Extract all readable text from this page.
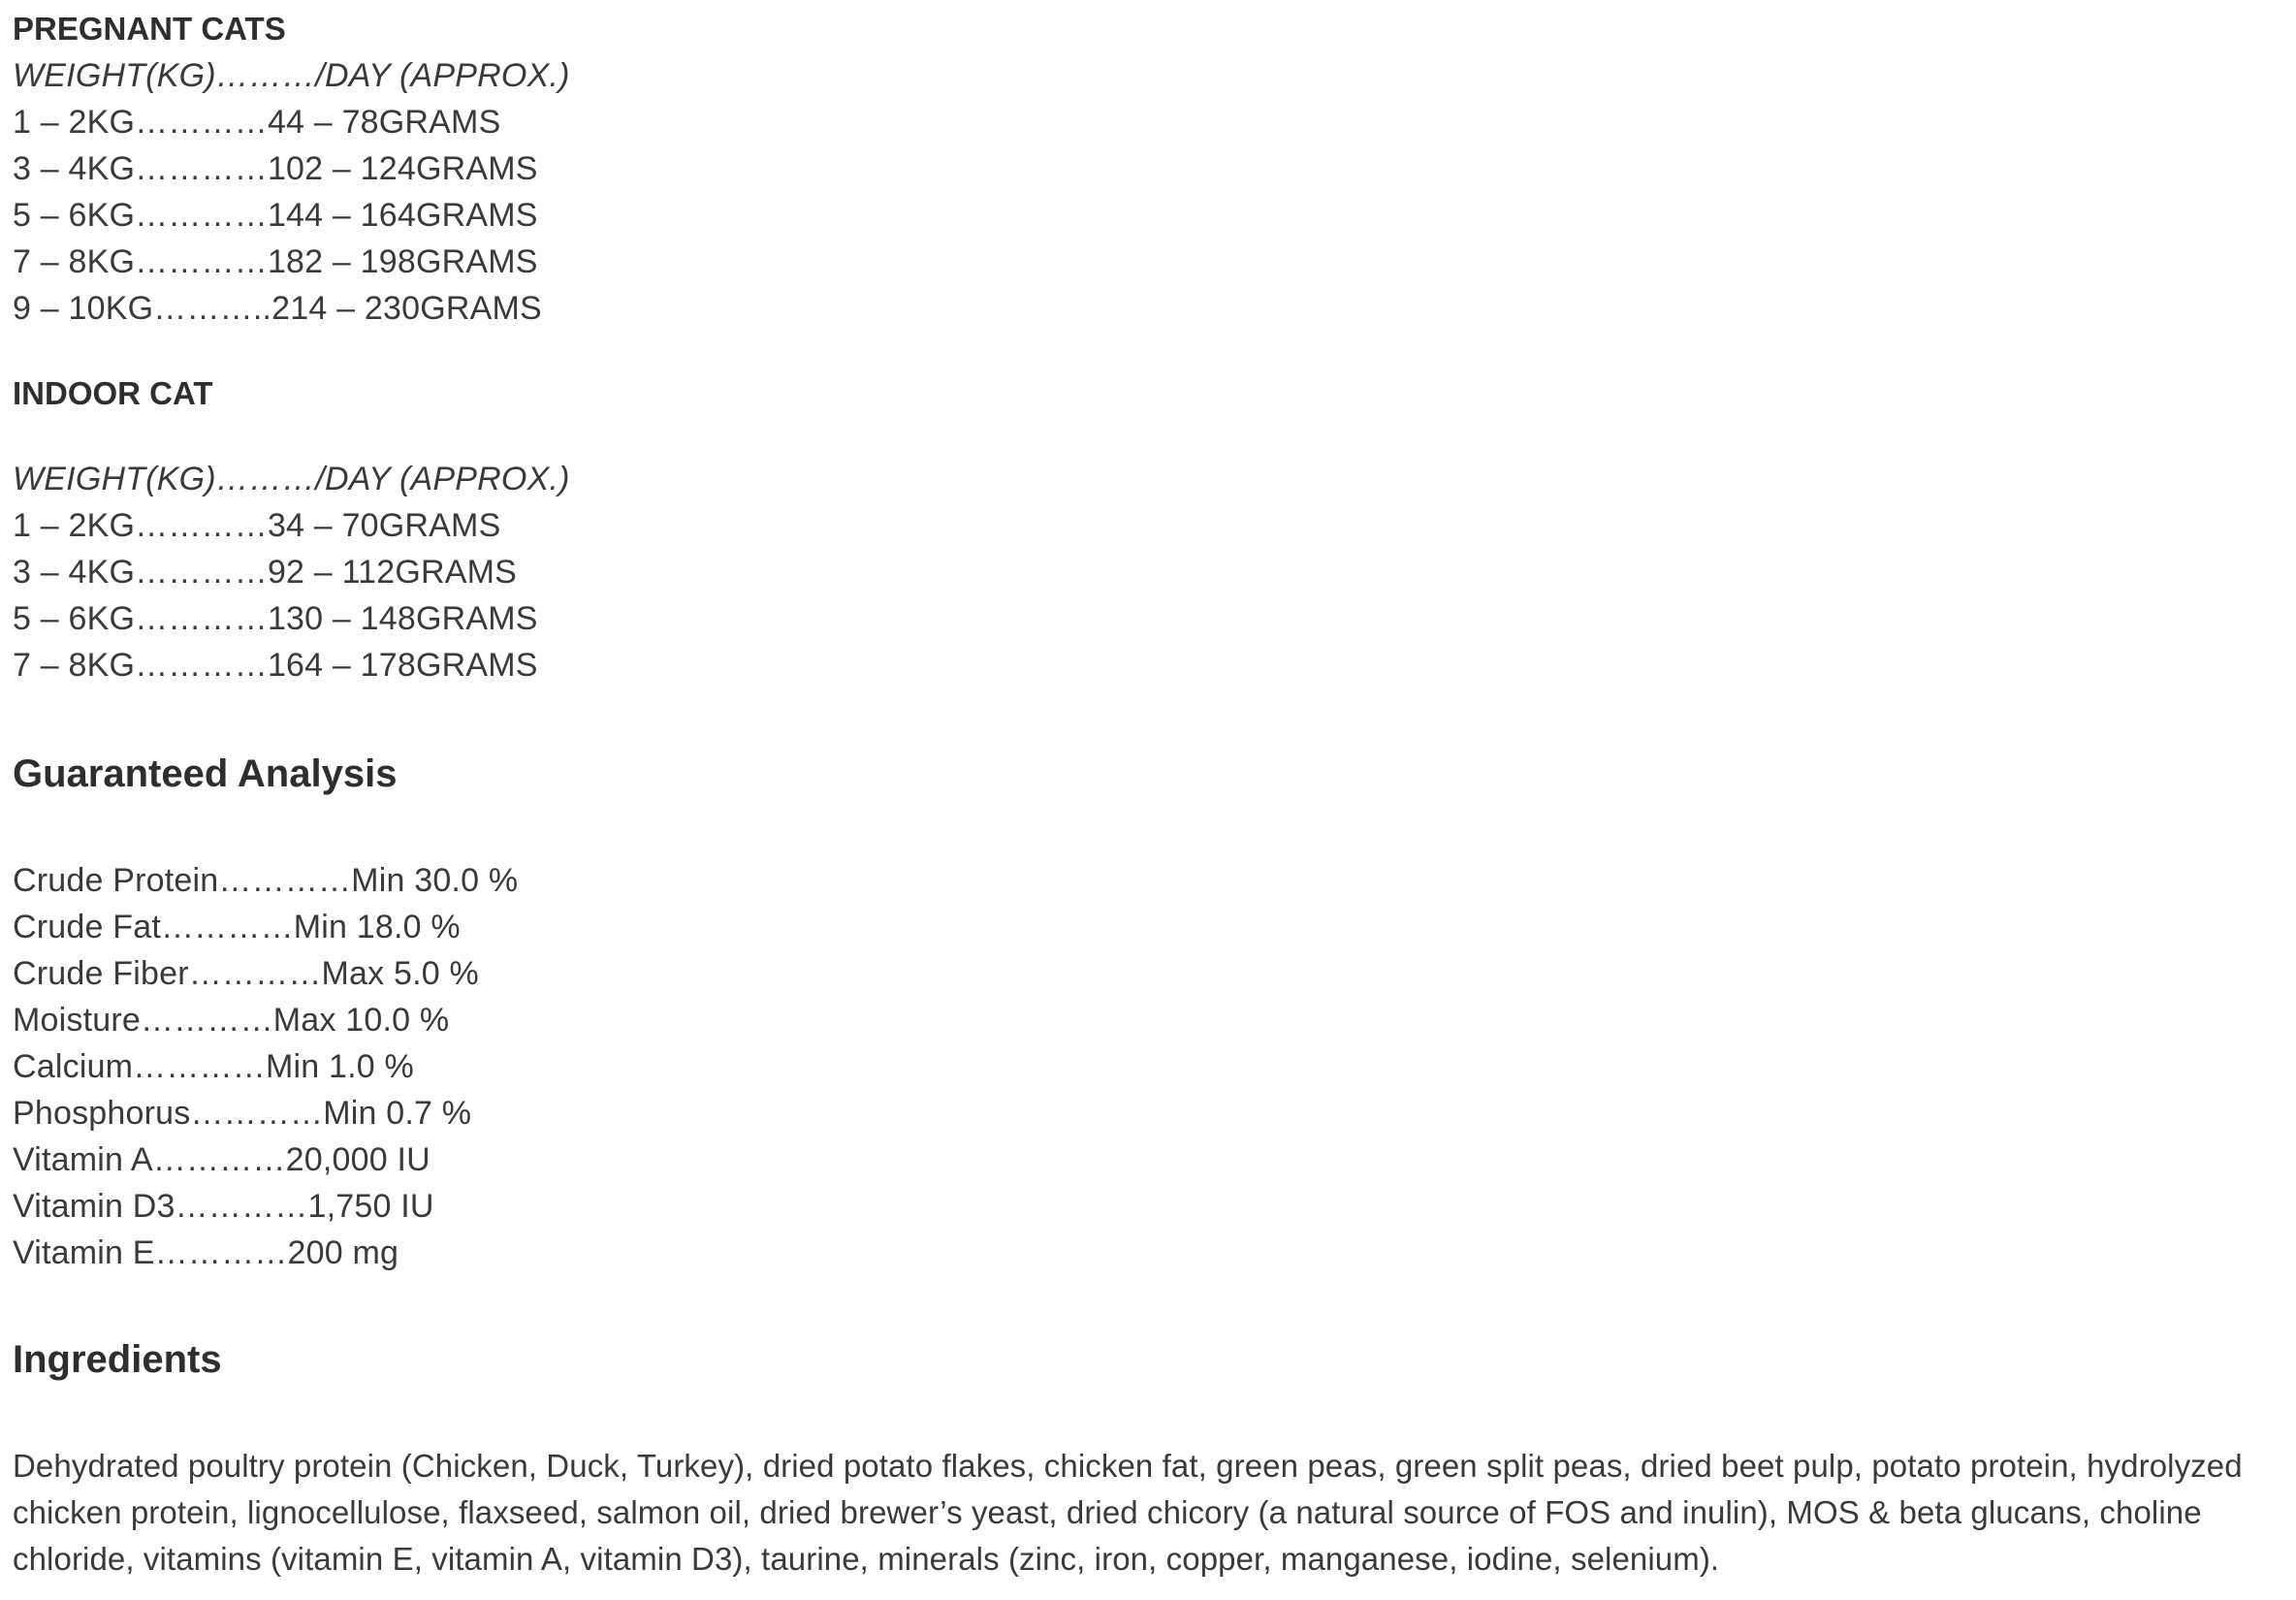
PREGNANT CATS
WEIGHT(KG)………/DAY (APPROX.)
1 – 2KG…………44 – 78GRAMS
3 – 4KG…………102 – 124GRAMS
5 – 6KG…………144 – 164GRAMS
7 – 8KG…………182 – 198GRAMS
9 – 10KG………..214 – 230GRAMS
INDOOR CAT
WEIGHT(KG)………/DAY (APPROX.)
1 – 2KG…………34 – 70GRAMS
3 – 4KG…………92 – 112GRAMS
5 – 6KG…………130 – 148GRAMS
7 – 8KG…………164 – 178GRAMS
Guaranteed Analysis
Crude Protein…………Min 30.0 %
Crude Fat…………Min 18.0 %
Crude Fiber…………Max 5.0 %
Moisture…………Max 10.0 %
Calcium…………Min 1.0 %
Phosphorus…………Min 0.7 %
Vitamin A…………20,000 IU
Vitamin D3…………1,750 IU
Vitamin E…………200 mg
Ingredients
Dehydrated poultry protein (Chicken, Duck, Turkey), dried potato flakes, chicken fat, green peas, green split peas, dried beet pulp, potato protein, hydrolyzed chicken protein, lignocellulose, flaxseed, salmon oil, dried brewer’s yeast, dried chicory (a natural source of FOS and inulin), MOS & beta glucans, choline chloride, vitamins (vitamin E, vitamin A, vitamin D3), taurine, minerals (zinc, iron, copper, manganese, iodine, selenium).
